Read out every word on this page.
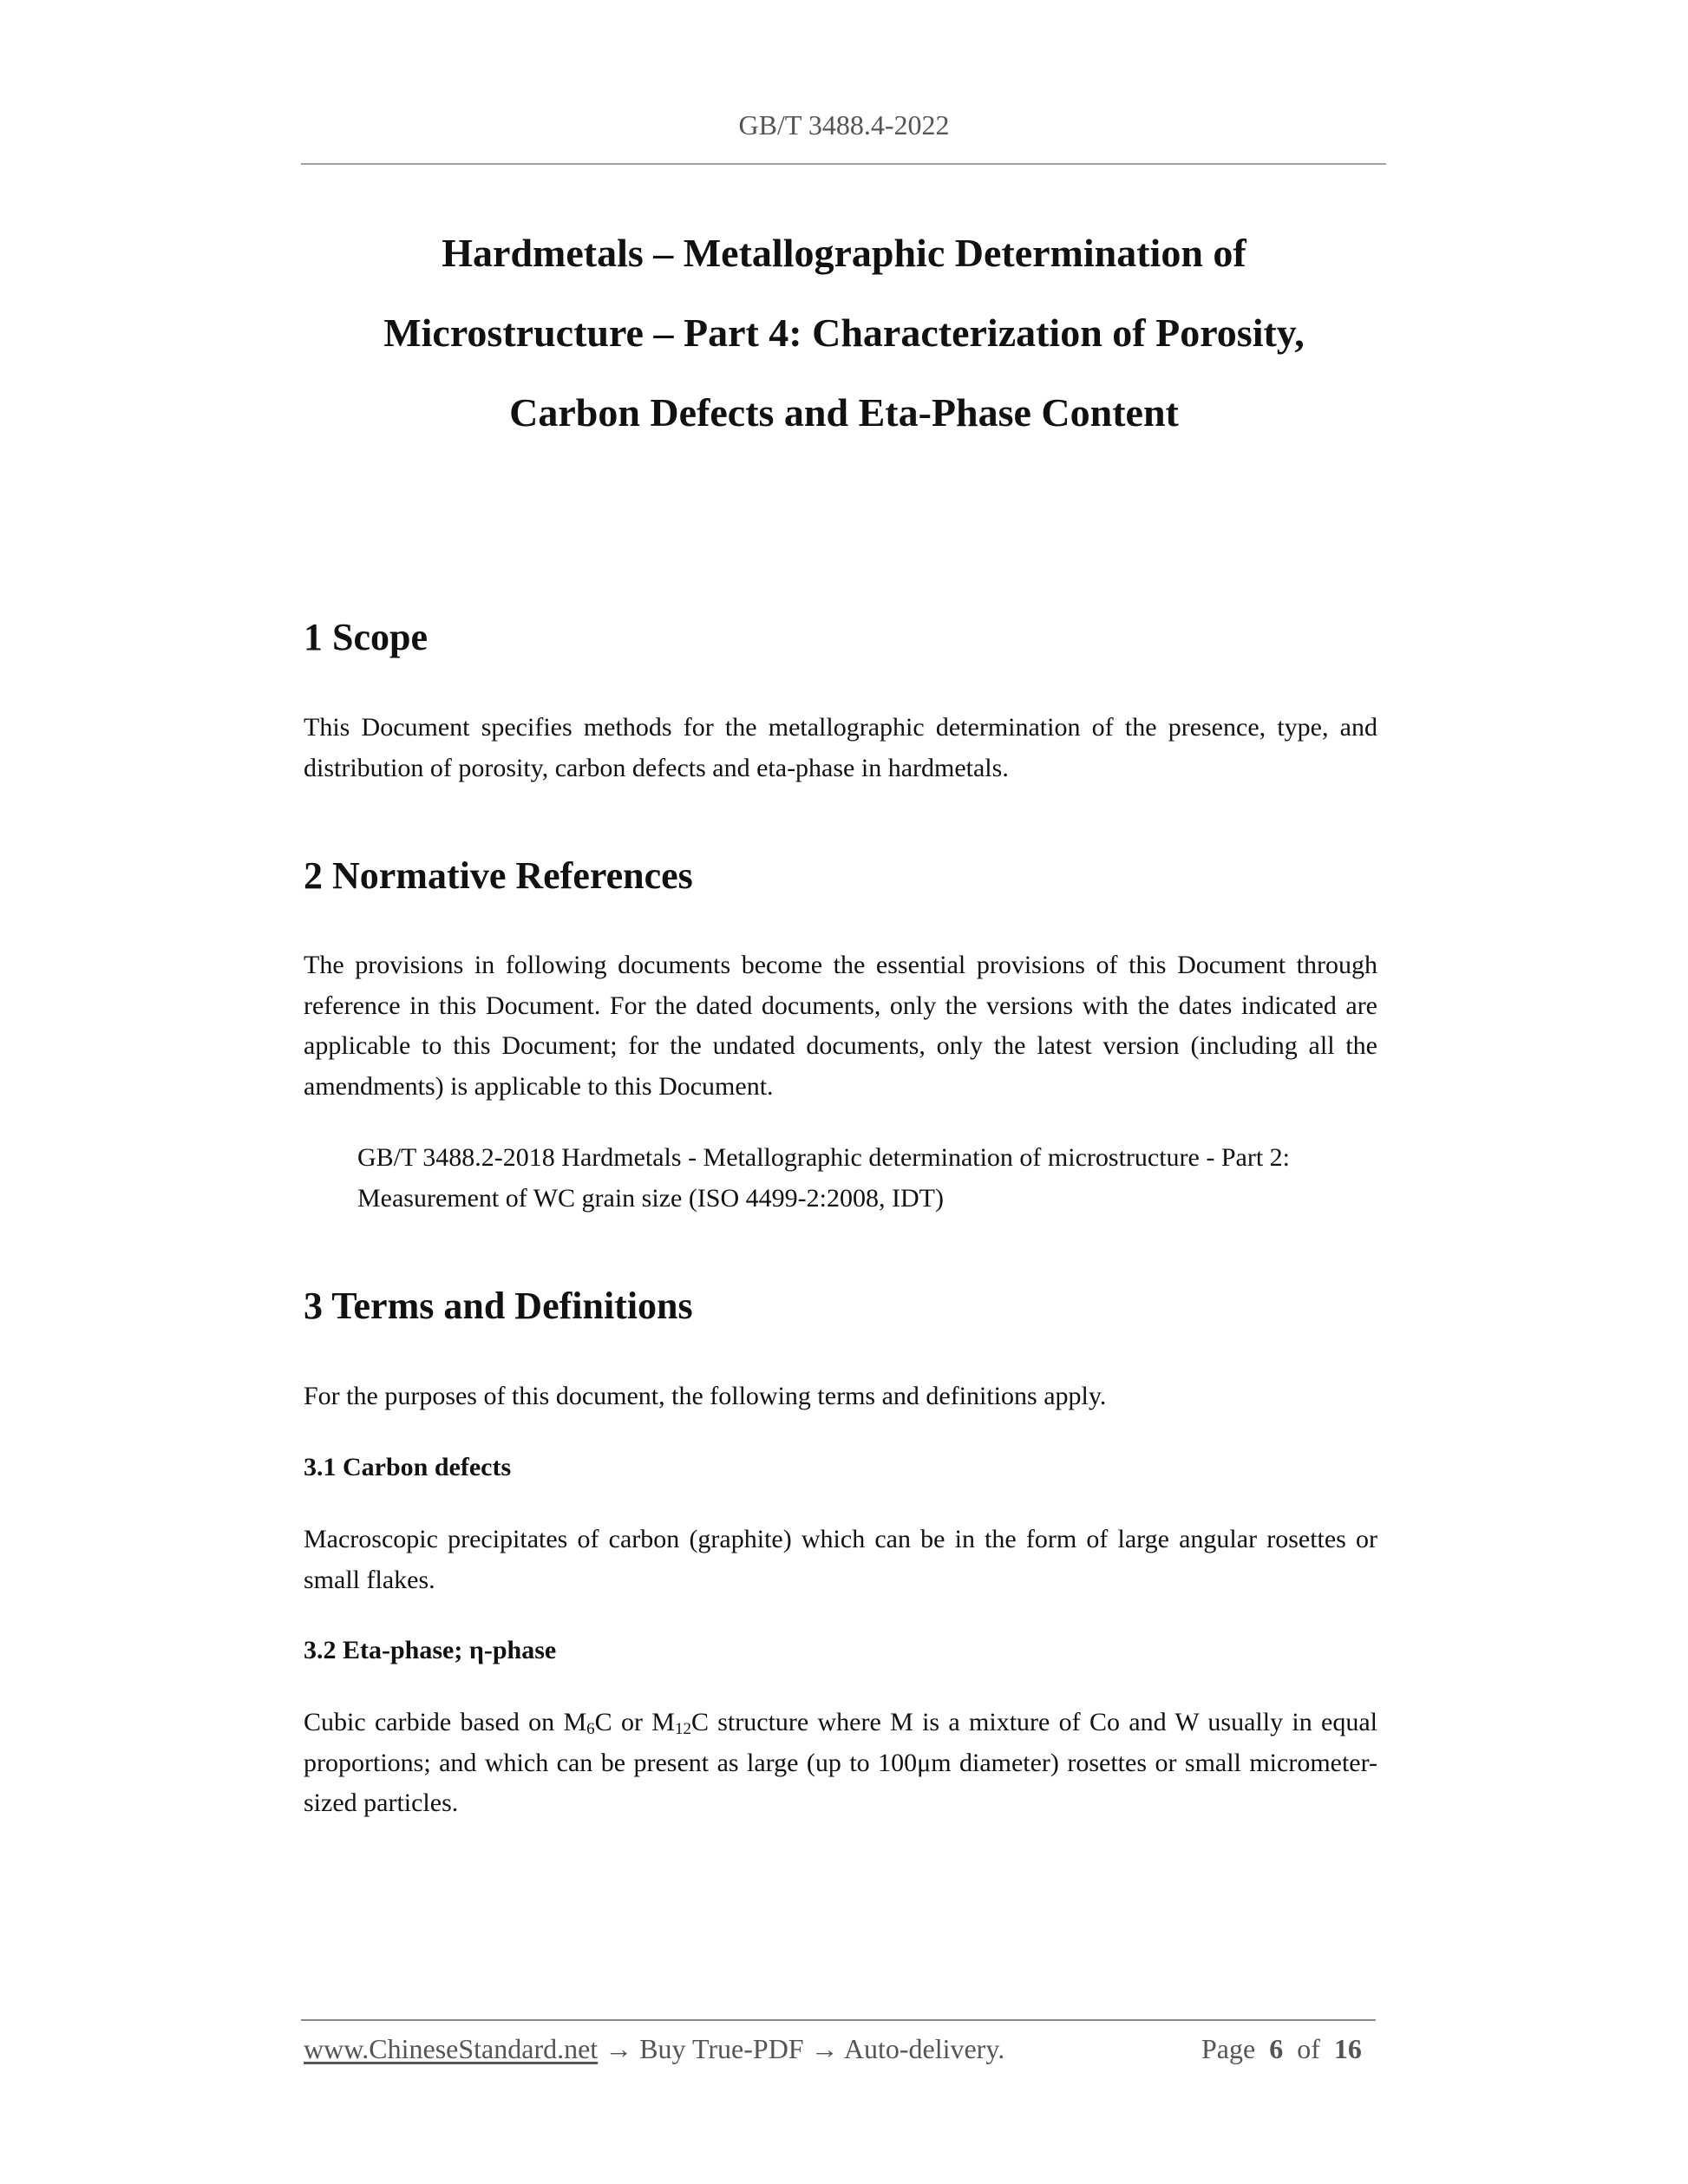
GB/T 3488.4-2022
Hardmetals – Metallographic Determination of
Microstructure – Part 4: Characterization of Porosity,
Carbon Defects and Eta-Phase Content
1 Scope

This Document specifies methods for the metallographic determination of the presence, type, and distribution of porosity, carbon defects and eta-phase in hardmetals.

2 Normative References

The provisions in following documents become the essential provisions of this Document through reference in this Document. For the dated documents, only the versions with the dates indicated are applicable to this Document; for the undated documents, only the latest version (including all the amendments) is applicable to this Document.

GB/T 3488.2-2018 Hardmetals - Metallographic determination of microstructure - Part 2: Measurement of WC grain size (ISO 4499-2:2008, IDT)

3 Terms and Definitions

For the purposes of this document, the following terms and definitions apply.

3.1 Carbon defects

Macroscopic precipitates of carbon (graphite) which can be in the form of large angular rosettes or small flakes.

3.2 Eta-phase; η-phase

Cubic carbide based on $M_6C$ or $M_{12}C$ structure where M is a mixture of Co and W usually in equal proportions; and which can be present as large (up to 100μm diameter) rosettes or small micrometer-sized particles.

www.ChineseStandard.net → Buy True-PDF → Auto-delivery.	Page 6 of 16
